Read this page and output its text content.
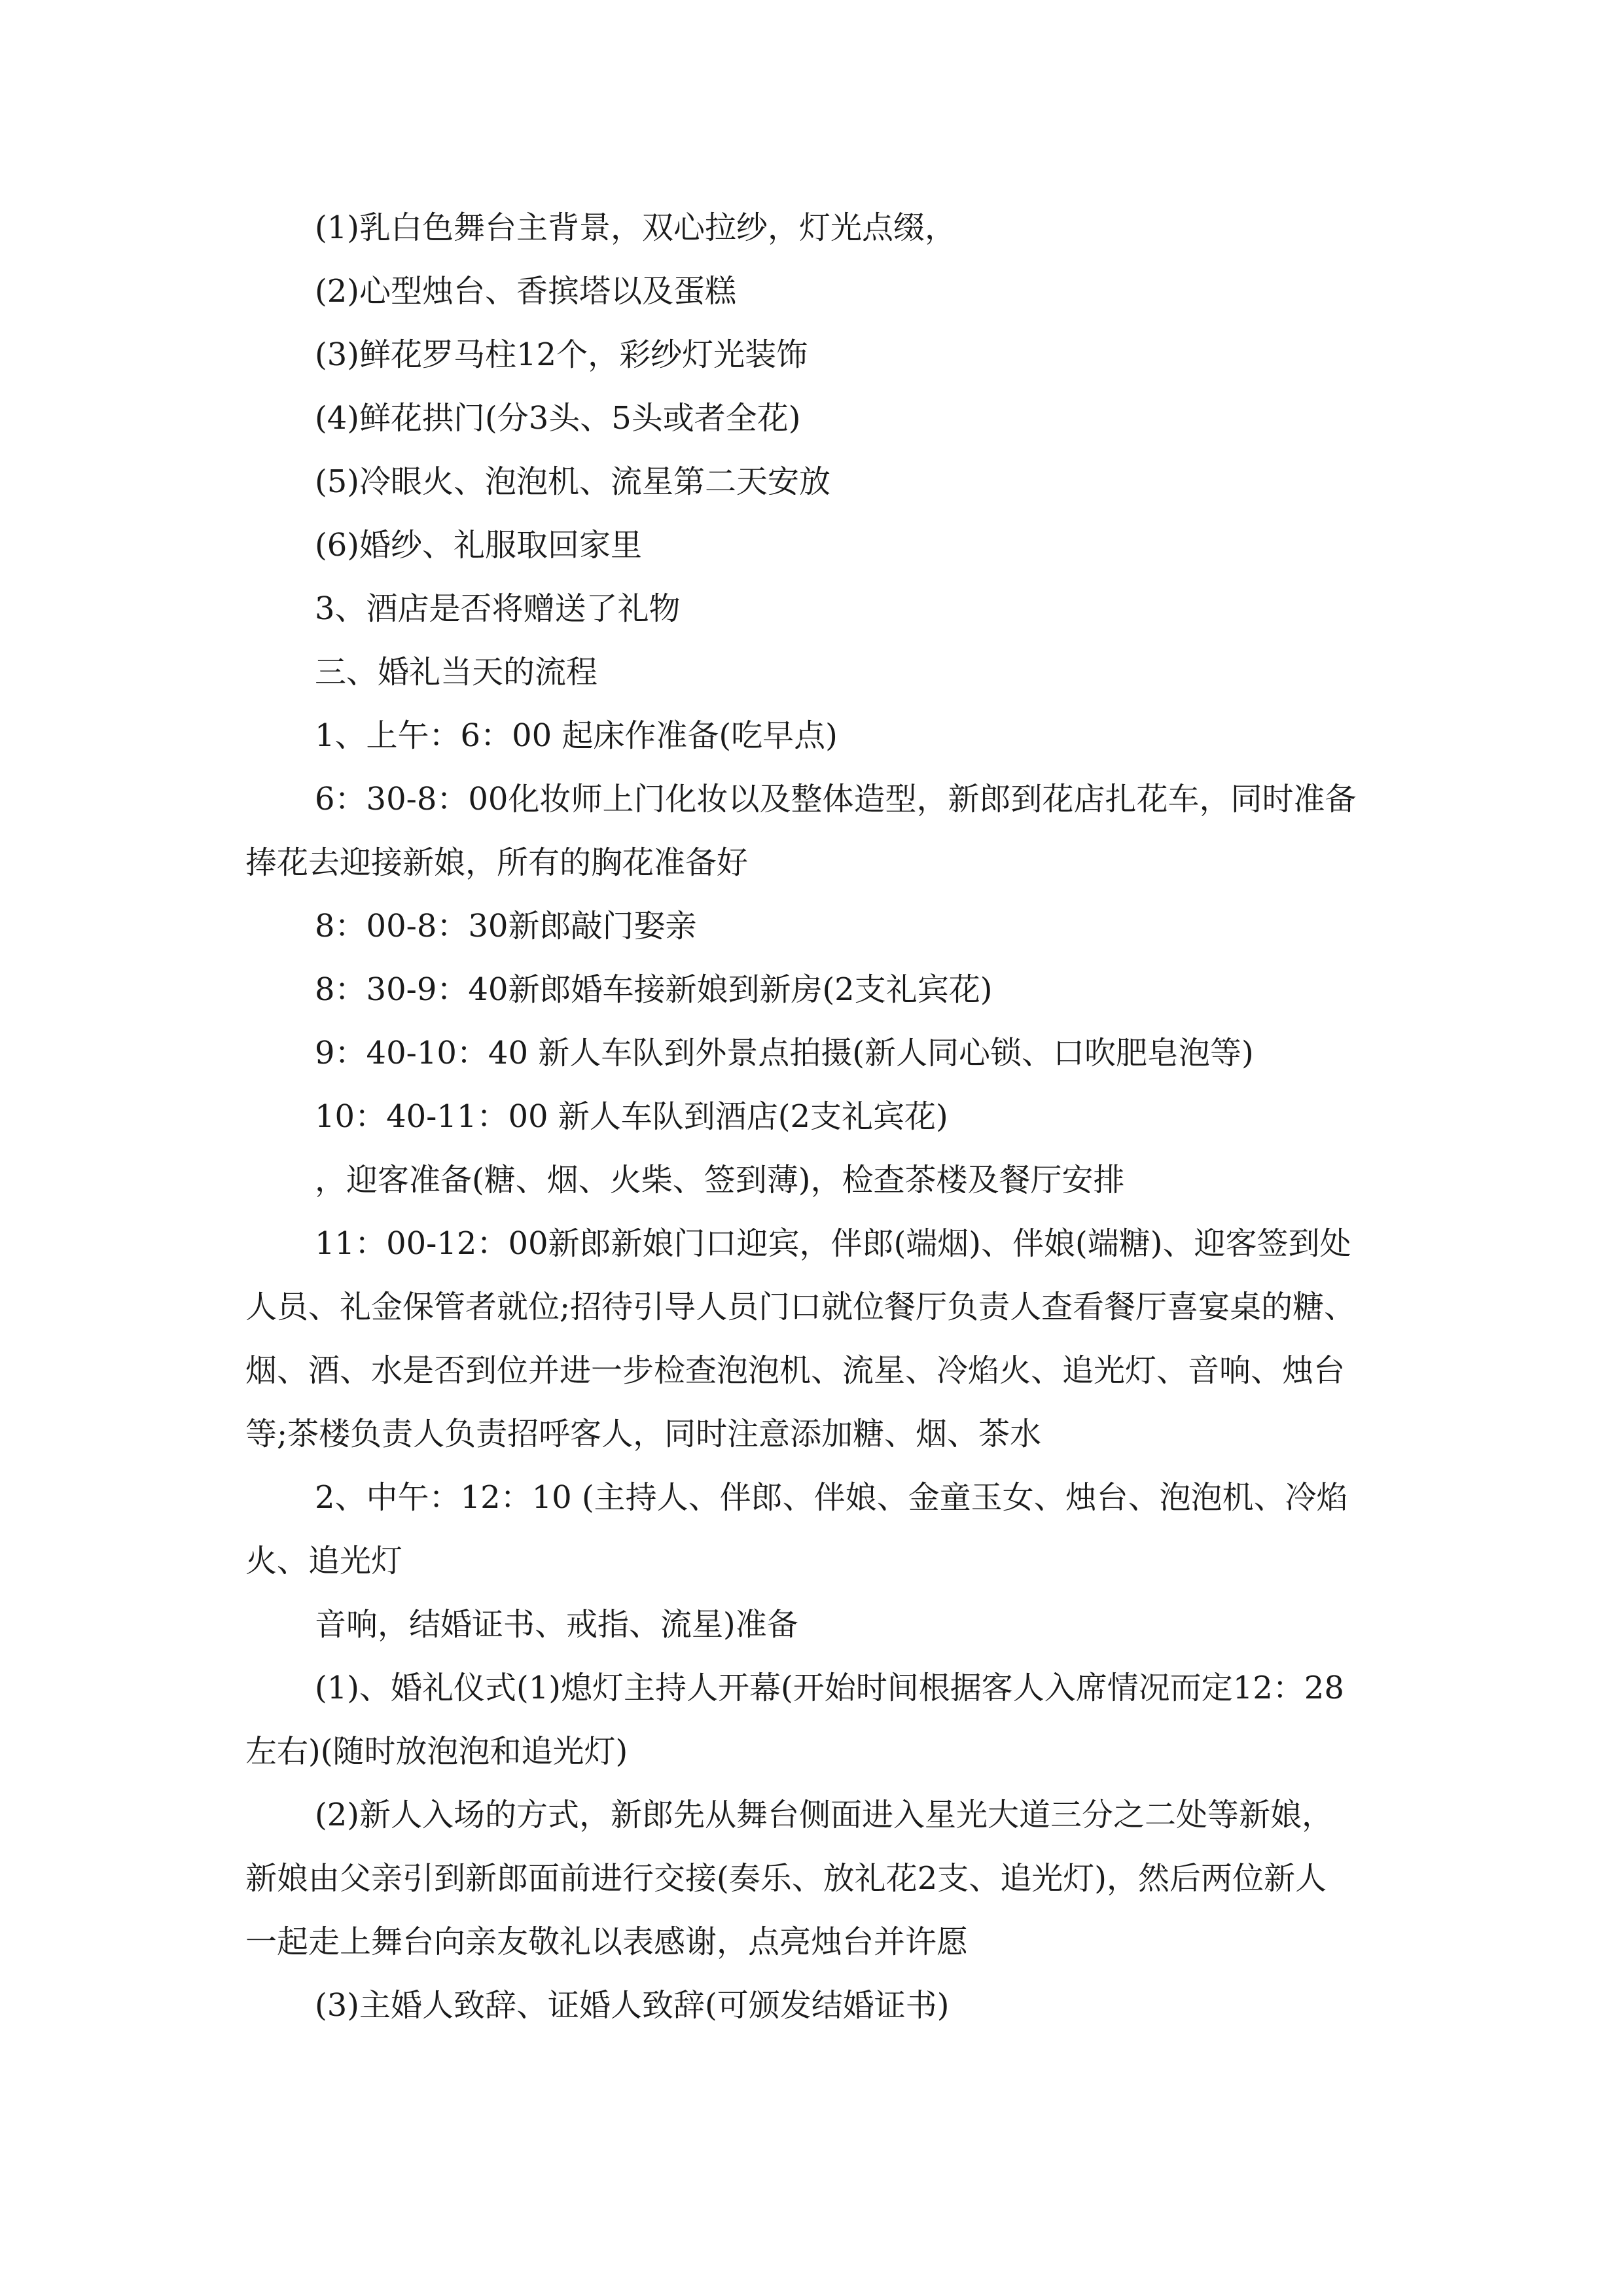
(1)乳白色舞台主背景，双心拉纱，灯光点缀，

(2)心型烛台、香摈塔以及蛋糕

(3)鲜花罗马柱12个，彩纱灯光装饰

(4)鲜花拱门(分3头、5头或者全花)

(5)冷眼火、泡泡机、流星第二天安放

(6)婚纱、礼服取回家里

3、酒店是否将赠送了礼物

三、婚礼当天的流程

1、上午：6：00 起床作准备(吃早点)

6：30-8：00化妆师上门化妆以及整体造型，新郎到花店扎花车，同时准备
捧花去迎接新娘，所有的胸花准备好

8：00-8：30新郎敲门娶亲

8：30-9：40新郎婚车接新娘到新房(2支礼宾花)

9：40-10：40 新人车队到外景点拍摄(新人同心锁、口吹肥皂泡等)

10：40-11：00 新人车队到酒店(2支礼宾花)

，迎客准备(糖、烟、火柴、签到薄)，检查茶楼及餐厅安排

11：00-12：00新郎新娘门口迎宾，伴郎(端烟)、伴娘(端糖)、迎客签到处
人员、礼金保管者就位;招待引导人员门口就位餐厅负责人查看餐厅喜宴桌的糖、
烟、酒、水是否到位并进一步检查泡泡机、流星、冷焰火、追光灯、音响、烛台
等;茶楼负责人负责招呼客人，同时注意添加糖、烟、茶水

2、中午：12：10 (主持人、伴郎、伴娘、金童玉女、烛台、泡泡机、冷焰
火、追光灯

音响，结婚证书、戒指、流星)准备

(1)、婚礼仪式(1)熄灯主持人开幕(开始时间根据客人入席情况而定12：28
左右)(随时放泡泡和追光灯)

(2)新人入场的方式，新郎先从舞台侧面进入星光大道三分之二处等新娘，
新娘由父亲引到新郎面前进行交接(奏乐、放礼花2支、追光灯)，然后两位新人
一起走上舞台向亲友敬礼以表感谢，点亮烛台并许愿

(3)主婚人致辞、证婚人致辞(可颁发结婚证书)
